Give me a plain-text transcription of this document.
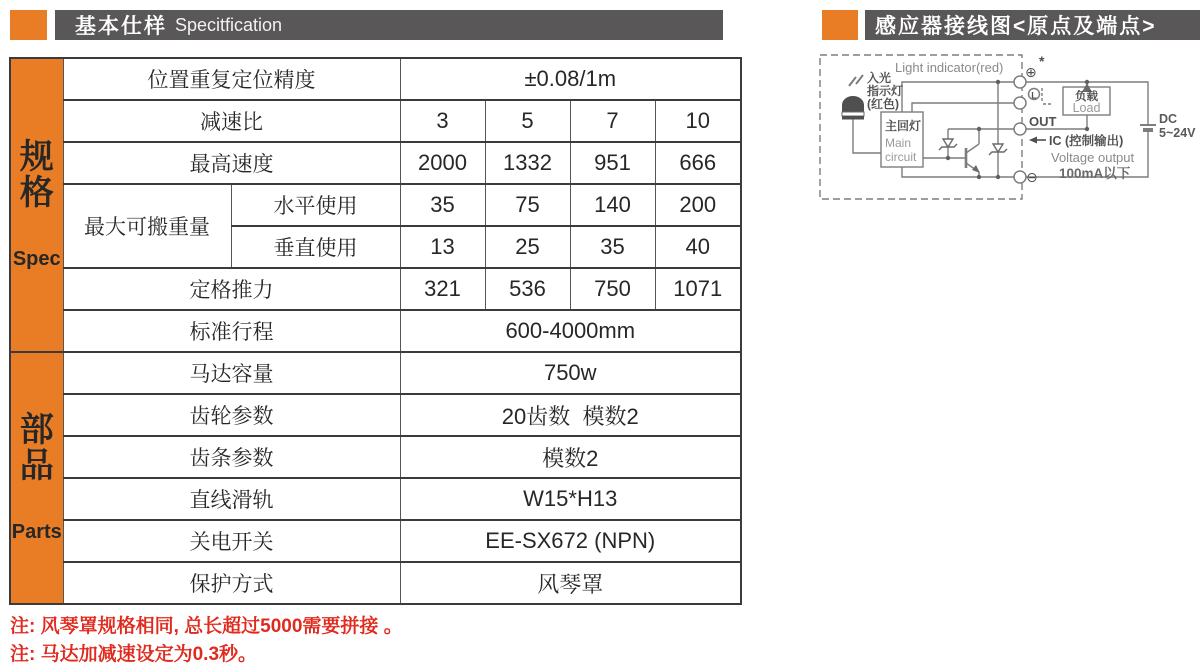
基本仕样 Specitfication	感应器接线图<原点及端点>

规格

Spec	位置重复定位精度		±0.08/1m			
	减速比		3	5	7	10
	最高速度		2000	1332	951	666
	最大可搬重量	水平使用	35	75	140	200
		垂直使用	13	25	35	40
	定格推力		321	536	750	1071
	标准行程		600-4000mm			

部品

Parts	马达容量		750w			
	齿轮参数		20齿数  模数2			
	齿条参数		模数2			
	直线滑轨		W15*H13			
	关电开关		EE-SX672 (NPN)			
	保护方式		风琴罩			
Light indicator(red)
入光
指示灯
(红色)
主回灯
Main
circuit
⊕
*
L
OUT
⊖
IC (控制输出)
Voltage output
100mA以下
负载
Load
DC
5~24V
注: 风琴罩规格相同, 总长超过5000需要拼接 。
注: 马达加减速设定为0.3秒。
